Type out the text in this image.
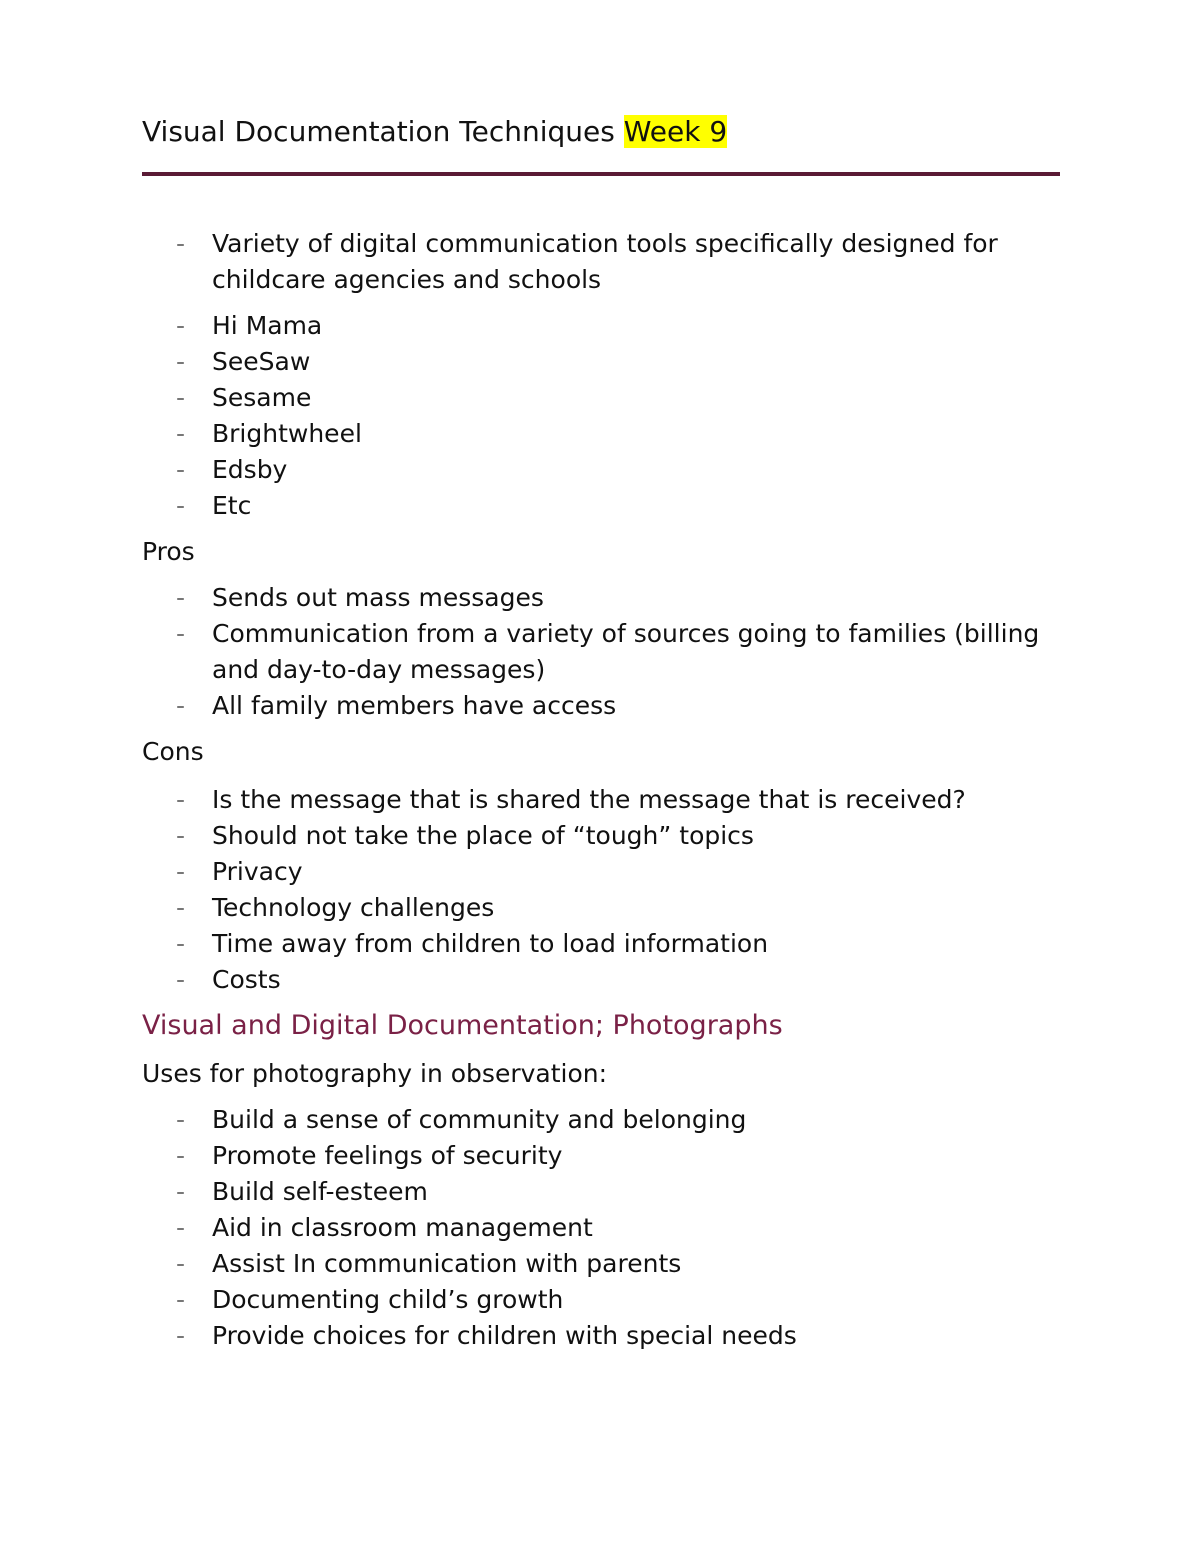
Visual Documentation Techniques Week 9
- Variety of digital communication tools specifically designed for childcare agencies and schools
- Hi Mama
- SeeSaw
- Sesame
- Brightwheel
- Edsby
- Etc
Pros
- Sends out mass messages
- Communication from a variety of sources going to families (billing and day-to-day messages)
- All family members have access
Cons
- Is the message that is shared the message that is received?
- Should not take the place of “tough” topics
- Privacy
- Technology challenges
- Time away from children to load information
- Costs
Visual and Digital Documentation; Photographs
Uses for photography in observation:
- Build a sense of community and belonging
- Promote feelings of security
- Build self-esteem
- Aid in classroom management
- Assist In communication with parents
- Documenting child’s growth
- Provide choices for children with special needs
